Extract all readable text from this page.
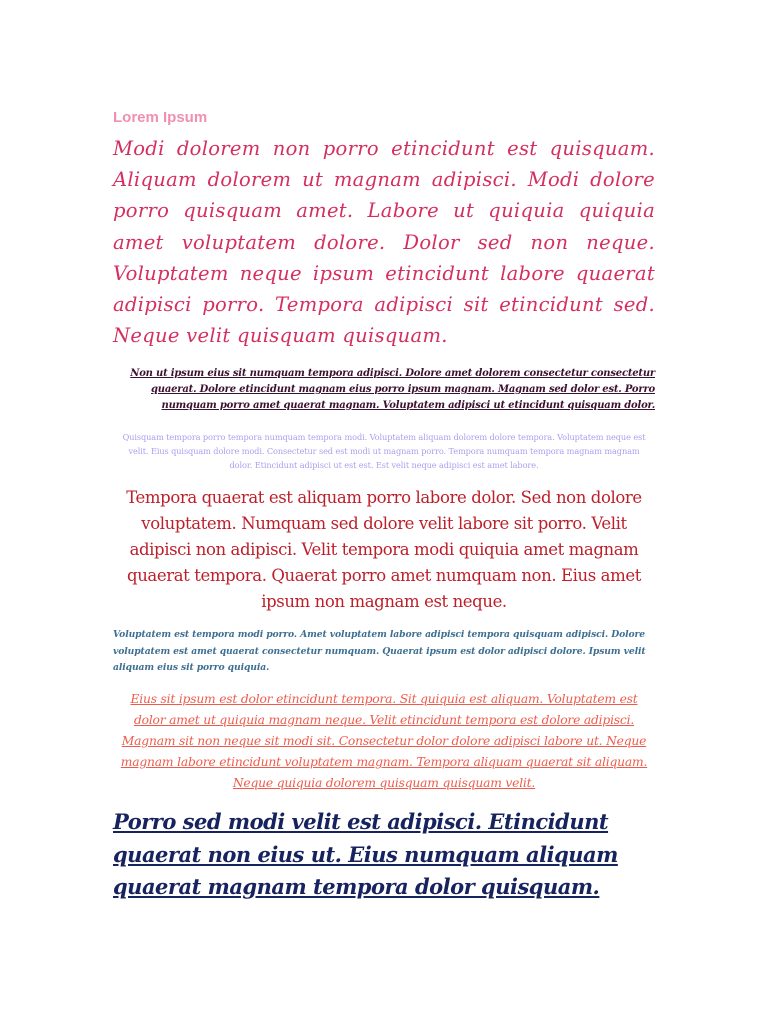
Lorem Ipsum

Modi dolorem non porro etincidunt est quisquam. Aliquam dolorem ut magnam adipisci. Modi dolore porro quisquam amet. Labore ut quiquia quiquia amet voluptatem dolore. Dolor sed non neque. Voluptatem neque ipsum etincidunt labore quaerat adipisci porro. Tempora adipisci sit etincidunt sed. Neque velit quisquam quisquam.

Non ut ipsum eius sit numquam tempora adipisci. Dolore amet dolorem consectetur consectetur quaerat. Dolore etincidunt magnam eius porro ipsum magnam. Magnam sed dolor est. Porro numquam porro amet quaerat magnam. Voluptatem adipisci ut etincidunt quisquam dolor.

Quisquam tempora porro tempora numquam tempora modi. Voluptatem aliquam dolorem dolore tempora. Voluptatem neque est velit. Eius quisquam dolore modi. Consectetur sed est modi ut magnam porro. Tempora numquam tempora magnam magnam dolor. Etincidunt adipisci ut est est. Est velit neque adipisci est amet labore.

Tempora quaerat est aliquam porro labore dolor. Sed non dolore voluptatem. Numquam sed dolore velit labore sit porro. Velit adipisci non adipisci. Velit tempora modi quiquia amet magnam quaerat tempora. Quaerat porro amet numquam non. Eius amet ipsum non magnam est neque.

Voluptatem est tempora modi porro. Amet voluptatem labore adipisci tempora quisquam adipisci. Dolore voluptatem est amet quaerat consectetur numquam. Quaerat ipsum est dolor adipisci dolore. Ipsum velit aliquam eius sit porro quiquia.

Eius sit ipsum est dolor etincidunt tempora. Sit quiquia est aliquam. Voluptatem est dolor amet ut quiquia magnam neque. Velit etincidunt tempora est dolore adipisci. Magnam sit non neque sit modi sit. Consectetur dolor dolore adipisci labore ut. Neque magnam labore etincidunt voluptatem magnam. Tempora aliquam quaerat sit aliquam. Neque quiquia dolorem quisquam quisquam velit.

Porro sed modi velit est adipisci. Etincidunt quaerat non eius ut. Eius numquam aliquam quaerat magnam tempora dolor quisquam.
